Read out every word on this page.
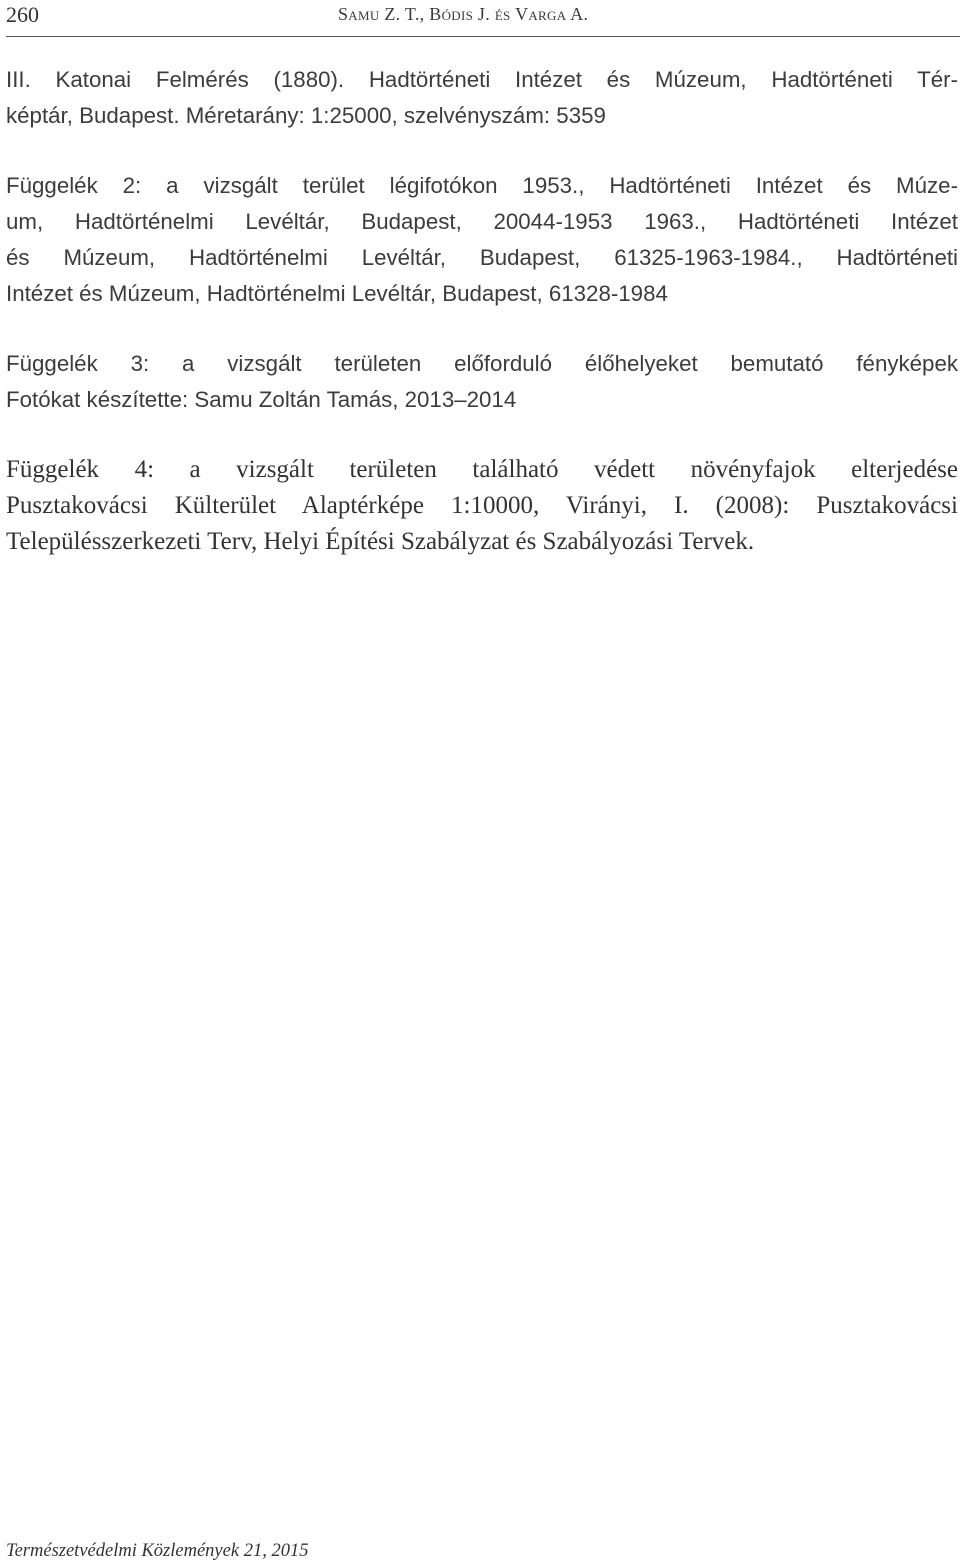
260	Samu Z. T., Bódis J. és Varga A.

III. Katonai Felmérés (1880). Hadtörténeti Intézet és Múzeum, Hadtörténeti Tér-
képtár, Budapest. Méretarány: 1:25000, szelvényszám: 5359

Függelék 2: a vizsgált terület légifotókon 1953., Hadtörténeti Intézet és Múze-
um, Hadtörténelmi Levéltár, Budapest, 20044-1953 1963., Hadtörténeti Intézet
és Múzeum, Hadtörténelmi Levéltár, Budapest, 61325-1963-1984., Hadtörténeti
Intézet és Múzeum, Hadtörténelmi Levéltár, Budapest, 61328-1984

Függelék 3: a vizsgált területen előforduló élőhelyeket bemutató fényképek
Fotókat készítette: Samu Zoltán Tamás, 2013–2014

Függelék 4: a vizsgált területen található védett növényfajok elterjedése
Pusztakovácsi Külterület Alaptérképe 1:10000, Virányi, I. (2008): Pusztakovácsi
Településszerkezeti Terv, Helyi Építési Szabályzat és Szabályozási Tervek.

Természetvédelmi Közlemények 21, 2015
